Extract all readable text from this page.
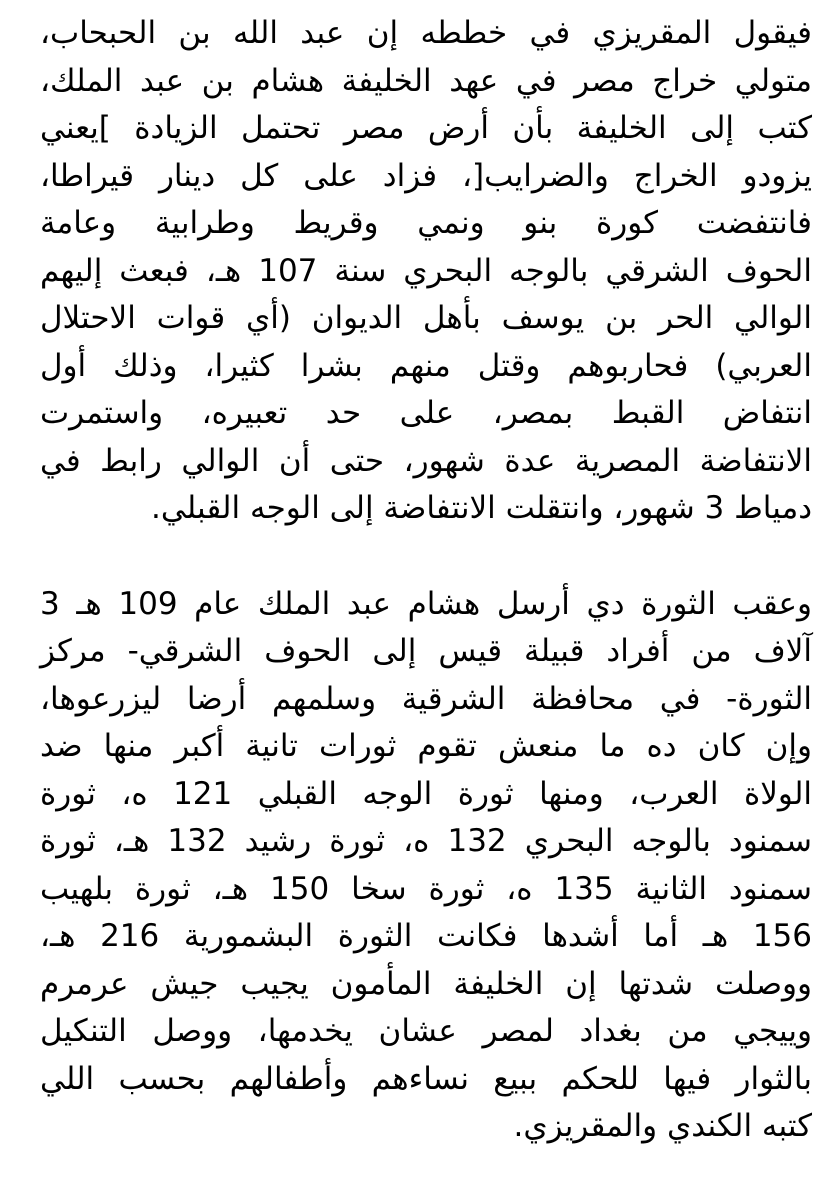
فيقول المقريزي في خططه إن عبد الله بن الحبحاب،
متولي خراج مصر في عهد الخليفة هشام بن عبد الملك،
كتب إلى الخليفة بأن أرض مصر تحتمل الزيادة ]يعني
يزودو الخراج والضرايب[، فزاد على كل دينار قيراطا،
فانتفضت كورة بنو ونمي وقريط وطرابية وعامة
الحوف الشرقي بالوجه البحري سنة 107 هـ، فبعث إليهم
الوالي الحر بن يوسف بأهل الديوان (أي قوات الاحتلال
العربي) فحاربوهم وقتل منهم بشرا كثيرا، وذلك أول
انتفاض القبط بمصر، على حد تعبيره، واستمرت
الانتفاضة المصرية عدة شهور، حتى أن الوالي رابط في
دمياط 3 شهور، وانتقلت الانتفاضة إلى الوجه القبلي.
وعقب الثورة دي أرسل هشام عبد الملك عام 109 هـ 3
آلاف من أفراد قبيلة قيس إلى الحوف الشرقي- مركز
الثورة- في محافظة الشرقية وسلمهم أرضا ليزرعوها،
وإن كان ده ما منعش تقوم ثورات تانية أكبر منها ضد
الولاة العرب، ومنها ثورة الوجه القبلي 121 ه، ثورة
سمنود بالوجه البحري 132 ه، ثورة رشيد 132 هـ، ثورة
سمنود الثانية 135 ه، ثورة سخا 150 هـ، ثورة بلهيب
156 هـ أما أشدها فكانت الثورة البشمورية 216 هـ،
ووصلت شدتها إن الخليفة المأمون يجيب جيش عرمرم
وييجي من بغداد لمصر عشان يخدمها، ووصل التنكيل
بالثوار فيها للحكم ببيع نساءهم وأطفالهم بحسب اللي
كتبه الكندي والمقريزي.
